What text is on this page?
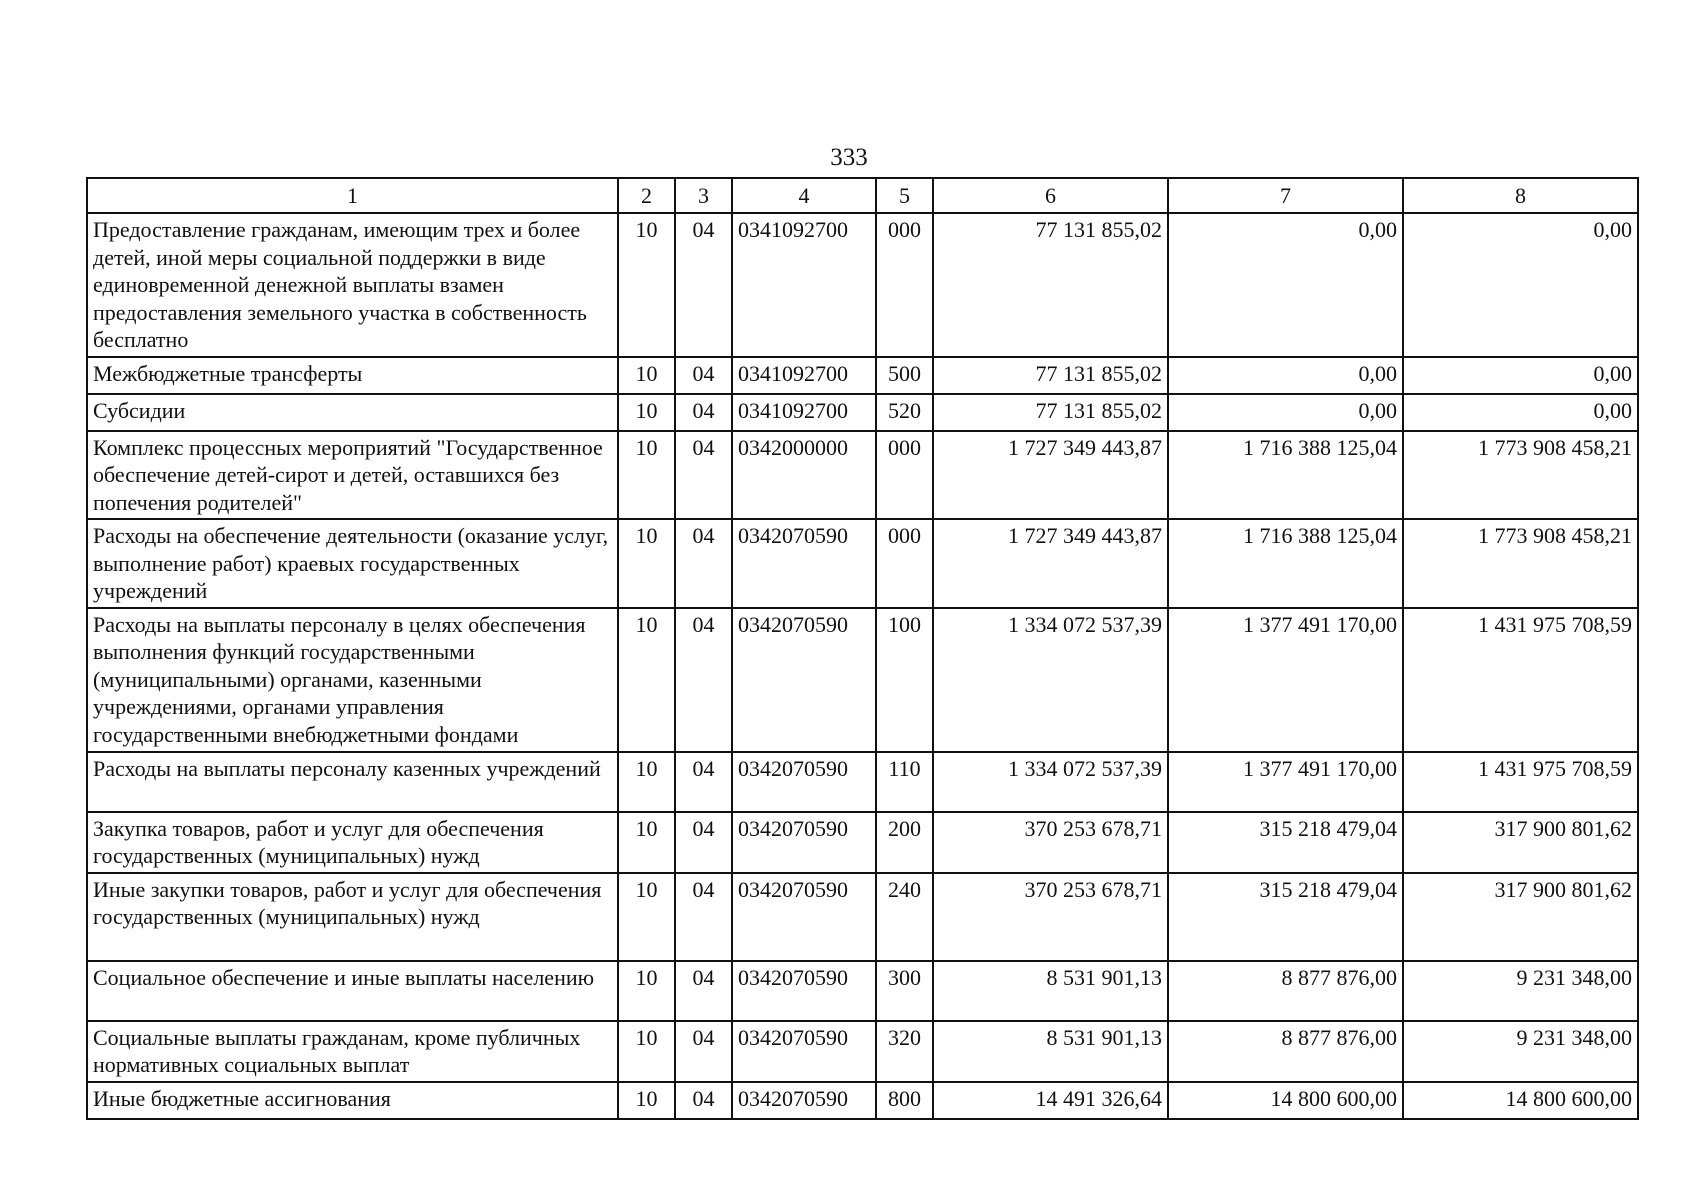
333
1	2	3	4	5	6	7	8
Предоставление гражданам, имеющим трех и более детей, иной меры социальной поддержки в виде единовременной денежной выплаты взамен предоставления земельного участка в собственность бесплатно	10	04	0341092700	000	77 131 855,02	0,00	0,00
Межбюджетные трансферты	10	04	0341092700	500	77 131 855,02	0,00	0,00
Субсидии	10	04	0341092700	520	77 131 855,02	0,00	0,00
Комплекс процессных мероприятий "Государственное обеспечение детей-сирот и детей, оставшихся без попечения родителей"	10	04	0342000000	000	1 727 349 443,87	1 716 388 125,04	1 773 908 458,21
Расходы на обеспечение деятельности (оказание услуг, выполнение работ) краевых государственных учреждений	10	04	0342070590	000	1 727 349 443,87	1 716 388 125,04	1 773 908 458,21
Расходы на выплаты персоналу в целях обеспечения выполнения функций государственными (муниципальными) органами, казенными учреждениями, органами управления государственными внебюджетными фондами	10	04	0342070590	100	1 334 072 537,39	1 377 491 170,00	1 431 975 708,59
Расходы на выплаты персоналу казенных учреждений	10	04	0342070590	110	1 334 072 537,39	1 377 491 170,00	1 431 975 708,59
Закупка товаров, работ и услуг для обеспечения государственных (муниципальных) нужд	10	04	0342070590	200	370 253 678,71	315 218 479,04	317 900 801,62
Иные закупки товаров, работ и услуг для обеспечения государственных (муниципальных) нужд	10	04	0342070590	240	370 253 678,71	315 218 479,04	317 900 801,62
Социальное обеспечение и иные выплаты населению	10	04	0342070590	300	8 531 901,13	8 877 876,00	9 231 348,00
Социальные выплаты гражданам, кроме публичных нормативных социальных выплат	10	04	0342070590	320	8 531 901,13	8 877 876,00	9 231 348,00
Иные бюджетные ассигнования	10	04	0342070590	800	14 491 326,64	14 800 600,00	14 800 600,00
